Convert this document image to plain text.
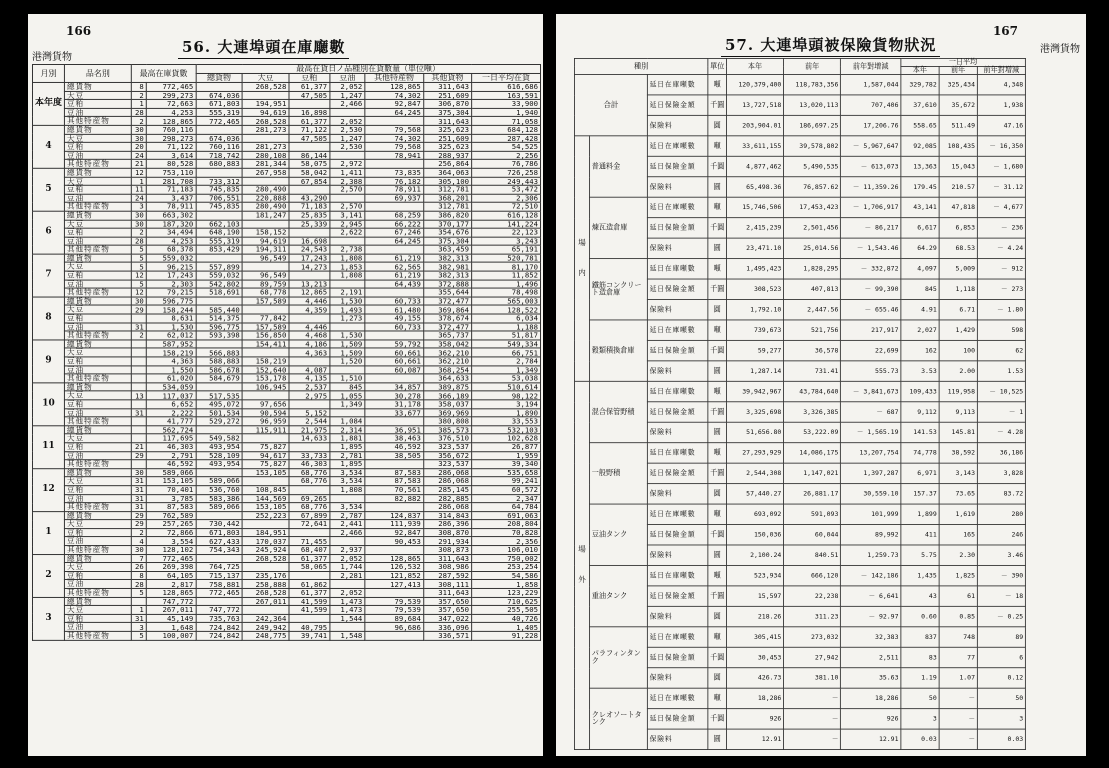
166
港灣貨物
56. 大連埠頭在庫廰數
月別	品名別	最高在庫貨數		最高在貨日ノ品種別在貨數量（單位噸）						
				總貨物	大豆	豆粕	豆油	其他特産物	其他貨物	一日平均在貨
本年度	總貨物	8	772,465		268,528	61,377	2,052	128,865	311,643	616,686
	大豆	2	299,273	674,036		47,505	1,247	74,302	251,609	163,591
	豆粕	1	72,663	671,803	194,951		2,466	92,847	306,870	33,900
	豆油	28	4,253	555,319	94,619	16,898		64,245	375,304	1,940
	其他特産物	2	128,865	772,465	268,528	61,377	2,052		311,643	71,058
4	總貨物	30	760,116		281,273	71,122	2,530	79,568	325,623	684,128
	大豆	30	298,273	674,036		47,505	1,247	74,302	251,609	287,428
	豆粕	20	71,122	760,116	281,273		2,530	79,568	325,623	54,525
	豆油	24	3,614	718,742	280,108	86,144		78,941	288,937	2,256
	其他特産物	21	80,528	680,883	281,344	58,075	2,972		256,864	76,786
5	總貨物	12	753,110		267,958	58,042	1,411	73,835	364,063	726,258
	大豆	1	281,708	733,312		67,854	2,388	76,182	305,100	249,443
	豆粕	11	71,183	745,835	280,490		2,570	78,911	312,781	53,472
	豆油	24	3,437	706,551	220,888	43,290		69,937	368,201	2,306
	其他特産物	3	78,911	745,835	280,490	71,183	2,570		312,781	72,510
6	總貨物	30	663,302		181,247	25,835	3,141	68,259	386,820	616,128
	大豆	30	187,320	662,103		25,339	2,945	66,222	370,177	141,224
	豆粕	2	34,494	648,190	158,152		2,622	67,246	354,676	22,123
	豆油	28	4,253	555,319	94,619	16,698		64,245	375,304	3,243
	其他特産物	5	68,378	853,429	194,311	24,543	2,738		363,459	65,191
7	總貨物	5	559,032		96,549	17,243	1,808	61,219	382,313	520,781
	大豆	5	96,215	557,899		14,273	1,853	62,565	382,981	81,170
	豆粕	12	17,243	559,032	96,549		1,808	61,219	382,313	11,852
	豆油	5	2,303	542,802	89,759	13,213		64,439	372,888	1,496
	其他特産物	12	79,215	518,691	68,778	12,865	2,191		355,644	78,498
8	總貨物	30	596,775		157,589	4,446	1,530	60,733	372,477	565,003
	大豆	29	158,244	585,440		4,359	1,493	61,480	369,864	128,522
	豆粕		8,631	514,375	77,842		1,273	49,155	378,674	6,034
	豆油	31	1,530	596,775	157,589	4,446		60,733	372,477	1,188
	其他特産物	2	62,012	593,398	156,850	4,468	1,530		365,737	51,817
9	總貨物		587,952		154,411	4,186	1,509	59,792	358,042	549,334
	大豆		158,219	566,883		4,363	1,509	60,661	362,210	66,751
	豆粕		4,363	588,883	158,219		1,520	60,661	362,210	2,784
	豆油		1,550	586,678	152,640	4,087		60,087	368,254	1,349
	其他特産物		61,020	584,679	153,178	4,135	1,510		364,633	53,038
10	總貨物		534,059		106,945	2,537	845	34,857	389,875	510,614
	大豆	13	117,037	517,535		2,975	1,055	30,278	366,189	98,122
	豆粕		6,652	495,072	97,656		1,349	31,178	358,037	3,194
	豆油	31	2,222	501,534	90,594	5,152		33,677	369,969	1,890
	其他特産物		41,777	529,272	96,959	2,544	1,084		380,808	33,553
11	總貨物		562,724		115,911	21,975	2,314	36,951	385,573	532,103
	大豆		117,695	549,582		14,633	1,881	38,463	376,510	102,628
	豆粕	21	46,303	493,954	75,827		1,895	46,592	323,537	26,877
	豆油	29	2,791	528,109	94,617	33,733	2,781	38,505	356,672	1,959
	其他特産物		46,592	493,954	75,827	46,303	1,895		323,537	39,340
12	總貨物	30	589,066		153,105	68,776	3,534	87,583	286,068	535,658
	大豆	31	153,105	589,066		68,776	3,534	87,583	286,068	99,241
	豆粕	31	70,401	536,760	108,845		1,808	70,561	285,145	60,572
	豆油	31	3,785	583,386	144,569	69,265		82,882	282,885	2,347
	其他特産物	31	87,583	589,066	153,105	68,776	3,534		286,068	64,784
1	總貨物	29	762,589		252,223	67,899	2,787	124,837	314,843	691,063
	大豆	29	257,265	730,442		72,641	2,441	111,939	286,396	208,804
	豆粕	2	72,866	671,803	184,951		2,466	92,847	308,870	70,828
	豆油	4	3,554	627,433	170,037	71,455		90,453	291,934	2,356
	其他特産物	30	128,102	754,343	245,924	68,407	2,937		308,873	106,010
2	總貨物	7	772,465		268,528	61,377	2,052	128,865	311,643	750,002
	大豆	26	269,398	764,725		58,065	1,744	126,532	308,986	253,254
	豆粕	8	64,105	715,137	235,176		2,281	121,852	287,592	54,586
	豆油	28	2,817	758,881	258,888	61,862		127,413	308,111	1,858
	其他特産物	5	128,865	772,465	268,528	61,377	2,052		311,643	123,229
3	總貨物		747,772		267,011	41,599	1,473	79,539	357,650	710,625
	大豆	1	267,011	747,772		41,599	1,473	79,539	357,650	255,505
	豆粕	31	45,149	735,763	242,364		1,544	89,684	347,022	40,726
	豆油	3	1,648	724,842	249,942	40,795		96,686	336,096	1,405
	其他特産物	5	100,007	724,842	248,775	39,741	1,548		336,571	91,228
167
港灣貨物
57. 大連埠頭被保險貨物狀況
種別			單位	本年	前年	前年對增減	一日平均		
							本年	前年	前年對增減
合計		延日在庫噸數	噸	120,379,400	118,783,356	1,587,044	329,782	325,434	4,348
		延日保險金額	千圓	13,727,518	13,020,113	707,406	37,610	35,672	1,938
		保險料	圓	203,904.01	186,697.25	17,206.76	558.65	511.49	47.16
場

内	普通料金	延日在庫噸數	噸	33,611,155	39,578,802	－ 5,967,647	92,085	108,435	－ 16,350
		延日保險金額	千圓	4,877,462	5,490,535	－ 613,073	13,363	15,043	－ 1,680
		保險料	圓	65,498.36	76,857.62	－ 11,359.26	179.45	210.57	－ 31.12
	煉瓦造倉庫	延日在庫噸數	噸	15,746,506	17,453,423	－ 1,706,917	43,141	47,818	－ 4,677
		延日保險金額	千圓	2,415,239	2,501,456	－ 86,217	6,617	6,853	－ 236
		保險料	圓	23,471.10	25,014.56	－ 1,543.46	64.29	68.53	－ 4.24
	鐵筋コンクリート造倉庫	延日在庫噸數	噸	1,495,423	1,828,295	－ 332,872	4,097	5,009	－ 912
		延日保險金額	千圓	308,523	407,813	－ 99,390	845	1,118	－ 273
		保險料	圓	1,792.10	2,447.56	－ 655.46	4.91	6.71	－ 1.80
	穀類積換倉庫	延日在庫噸數	噸	739,673	521,756	217,917	2,027	1,429	598
		延日保險金額	千圓	59,277	36,578	22,699	162	100	62
		保險料	圓	1,287.14	731.41	555.73	3.53	2.00	1.53
場

外	混合保管野積	延日在庫噸數	噸	39,942,967	43,784,640	－ 3,841,673	109,433	119,958	－ 10,525
		延日保險金額	千圓	3,325,698	3,326,385	－ 687	9,112	9,113	－ 1
		保險料	圓	51,656.80	53,222.09	－ 1,565.19	141.53	145.81	－ 4.28
	一般野積	延日在庫噸數	噸	27,293,929	14,086,175	13,207,754	74,778	38,592	36,186
		延日保險金額	千圓	2,544,308	1,147,021	1,397,287	6,971	3,143	3,828
		保險料	圓	57,440.27	26,881.17	30,559.10	157.37	73.65	83.72
	豆油タンク	延日在庫噸數	噸	693,092	591,093	101,999	1,899	1,619	280
		延日保險金額	千圓	150,036	60,044	89,992	411	165	246
		保險料	圓	2,100.24	840.51	1,259.73	5.75	2.30	3.46
	重油タンク	延日在庫噸數	噸	523,934	666,120	－ 142,186	1,435	1,825	－ 390
		延日保險金額	千圓	15,597	22,238	－ 6,641	43	61	－ 18
		保險料	圓	218.26	311.23	－ 92.97	0.60	0.85	－ 0.25
	パラフィンタンク	延日在庫噸數	噸	305,415	273,032	32,383	837	748	89
		延日保險金額	千圓	30,453	27,942	2,511	83	77	6
		保險料	圓	426.73	381.10	35.63	1.19	1.07	0.12
	クレオソートタンク	延日在庫噸數	噸	18,286	－	18,286	50	－	50
		延日保險金額	千圓	926	－	926	3	－	3
		保險料	圓	12.91	－	12.91	0.03	－	0.03
